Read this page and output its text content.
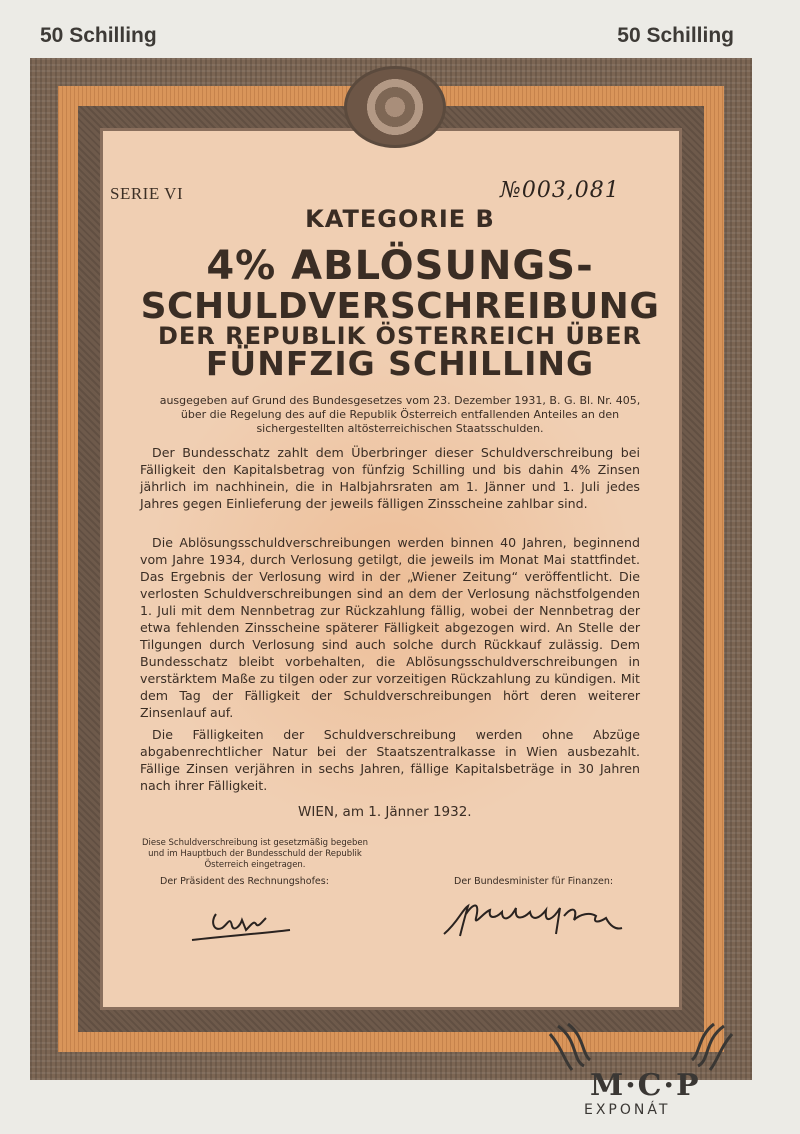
50 Schilling	50 Schilling
SERIE VI	№003,081
KATEGORIE B
4% ABLÖSUNGS-
SCHULDVERSCHREIBUNG
DER REPUBLIK ÖSTERREICH ÜBER
FÜNFZIG SCHILLING
ausgegeben auf Grund des Bundesgesetzes vom 23. Dezember 1931, B. G. Bl. Nr. 405, über die Regelung des auf die Republik Österreich entfallenden Anteiles an den sichergestellten altösterreichischen Staatsschulden.
Der Bundesschatz zahlt dem Überbringer dieser Schuldverschreibung bei Fälligkeit den Kapitalsbetrag von fünfzig Schilling und bis dahin 4% Zinsen jährlich im nachhinein, die in Halbjahrsraten am 1. Jänner und 1. Juli jedes Jahres gegen Einlieferung der jeweils fälligen Zinsscheine zahlbar sind.
Die Ablösungsschuldverschreibungen werden binnen 40 Jahren, beginnend vom Jahre 1934, durch Verlosung getilgt, die jeweils im Monat Mai stattfindet. Das Ergebnis der Verlosung wird in der „Wiener Zeitung“ veröffentlicht. Die verlosten Schuldverschreibungen sind an dem der Verlosung nächstfolgenden 1. Juli mit dem Nennbetrag zur Rückzahlung fällig, wobei der Nennbetrag der etwa fehlenden Zinsscheine späterer Fälligkeit abgezogen wird. An Stelle der Tilgungen durch Verlosung sind auch solche durch Rückkauf zulässig. Dem Bundesschatz bleibt vorbehalten, die Ablösungsschuldverschreibungen in verstärktem Maße zu tilgen oder zur vorzeitigen Rückzahlung zu kündigen. Mit dem Tag der Fälligkeit der Schuldverschreibungen hört deren weiterer Zinsenlauf auf.
Die Fälligkeiten der Schuldverschreibung werden ohne Abzüge abgabenrechtlicher Natur bei der Staatszentralkasse in Wien ausbezahlt. Fällige Zinsen verjähren in sechs Jahren, fällige Kapitalsbeträge in 30 Jahren nach ihrer Fälligkeit.
WIEN, am 1. Jänner 1932.
Diese Schuldverschreibung ist gesetzmäßig begeben und im Hauptbuch der Bundesschuld der Republik Österreich eingetragen.
Der Präsident des Rechnungshofes:	Der Bundesminister für Finanzen:
M·C·P
EXPONÁT
